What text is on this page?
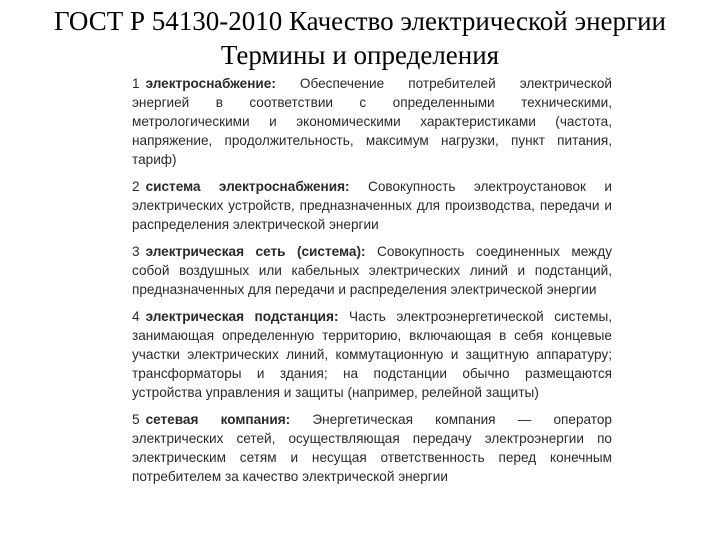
ГОСТ Р 54130-2010 Качество электрической энергии
Термины и определения

1 электроснабжение: Обеспечение потребителей электрической энергией в соответствии с определенными техническими, метрологическими и экономическими характеристиками (частота, напряжение, продолжительность, максимум нагрузки, пункт питания, тариф)

2 система электроснабжения: Совокупность электроустановок и электрических устройств, предназначенных для производства, передачи и распределения электрической энергии

3 электрическая сеть (система): Совокупность соединенных между собой воздушных или кабельных электрических линий и подстанций, предназначенных для передачи и распределения электрической энергии

4 электрическая подстанция: Часть электроэнергетической системы, занимающая определенную территорию, включающая в себя концевые участки электрических линий, коммутационную и защитную аппаратуру; трансформаторы и здания; на подстанции обычно размещаются устройства управления и защиты (например, релейной защиты)

5 сетевая компания: Энергетическая компания — оператор электрических сетей, осуществляющая передачу электроэнергии по электрическим сетям и несущая ответственность перед конечным потребителем за качество электрической энергии
